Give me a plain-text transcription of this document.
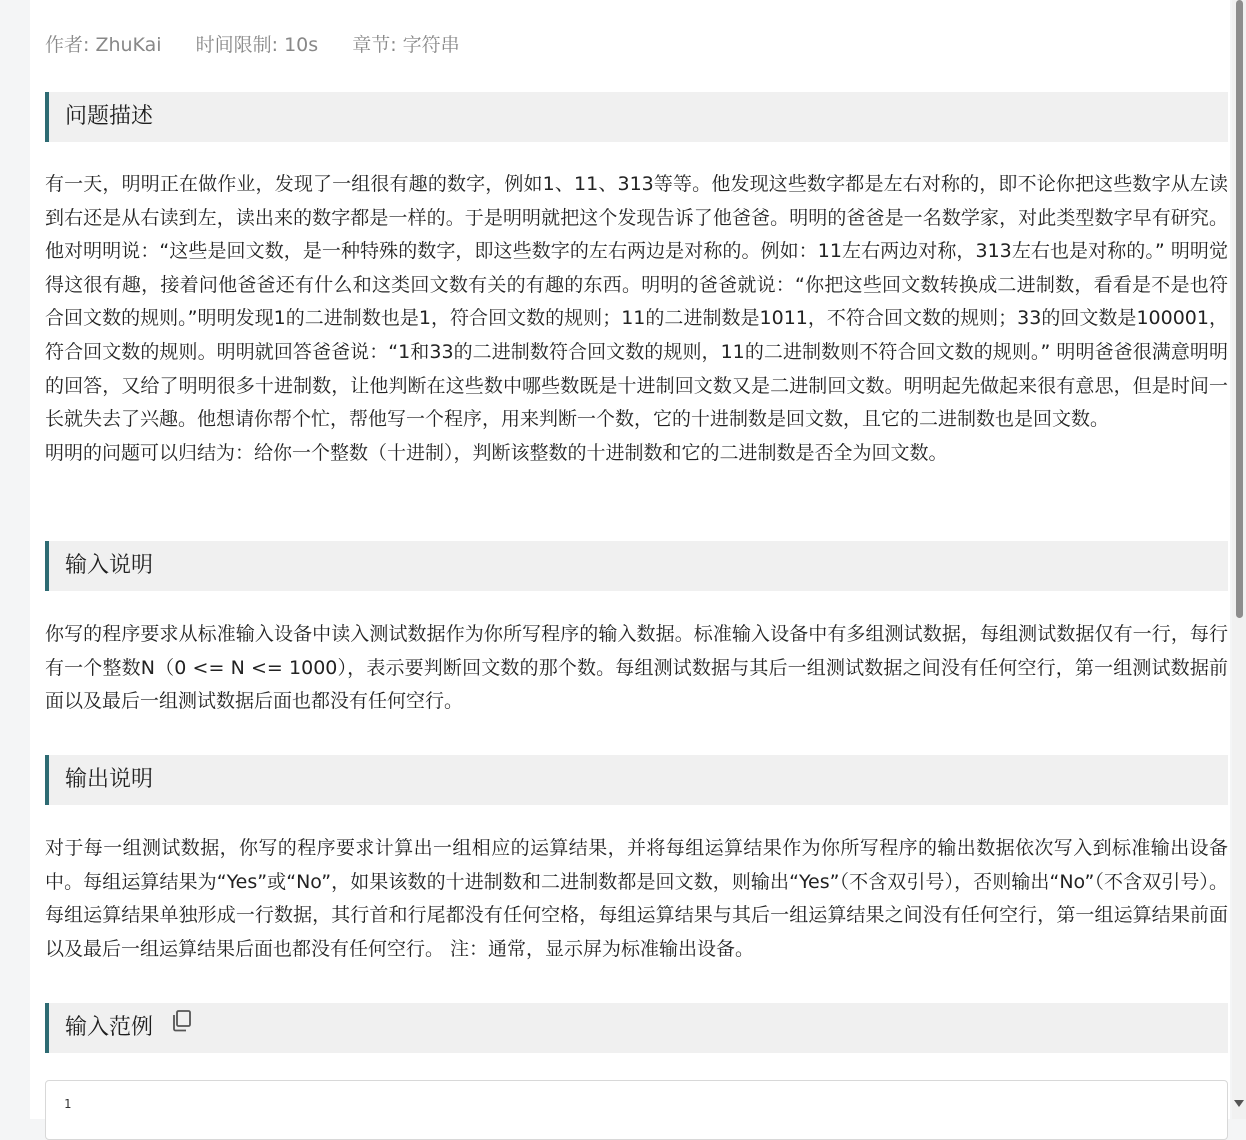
作者: ZhuKai 时间限制: 10s 章节: 字符串
问题描述

有一天，明明正在做作业，发现了一组很有趣的数字，例如1、11、313等等。他发现这些数字都是左右对称的，即不论你把这些数字从左读到右还是从右读到左，读出来的数字都是一样的。于是明明就把这个发现告诉了他爸爸。明明的爸爸是一名数学家，对此类型数字早有研究。他对明明说：“这些是回文数，是一种特殊的数字，即这些数字的左右两边是对称的。例如：11左右两边对称，313左右也是对称的。” 明明觉得这很有趣，接着问他爸爸还有什么和这类回文数有关的有趣的东西。明明的爸爸就说：“你把这些回文数转换成二进制数，看看是不是也符合回文数的规则。”明明发现1的二进制数也是1，符合回文数的规则；11的二进制数是1011，不符合回文数的规则；33的回文数是100001，符合回文数的规则。明明就回答爸爸说：“1和33的二进制数符合回文数的规则，11的二进制数则不符合回文数的规则。” 明明爸爸很满意明明的回答，又给了明明很多十进制数，让他判断在这些数中哪些数既是十进制回文数又是二进制回文数。明明起先做起来很有意思，但是时间一长就失去了兴趣。他想请你帮个忙，帮他写一个程序，用来判断一个数，它的十进制数是回文数，且它的二进制数也是回文数。

明明的问题可以归结为：给你一个整数（十进制），判断该整数的十进制数和它的二进制数是否全为回文数。

输入说明

你写的程序要求从标准输入设备中读入测试数据作为你所写程序的输入数据。标准输入设备中有多组测试数据，每组测试数据仅有一行，每行有一个整数N（0 <= N <= 1000），表示要判断回文数的那个数。每组测试数据与其后一组测试数据之间没有任何空行，第一组测试数据前面以及最后一组测试数据后面也都没有任何空行。

输出说明

对于每一组测试数据，你写的程序要求计算出一组相应的运算结果，并将每组运算结果作为你所写程序的输出数据依次写入到标准输出设备中。每组运算结果为“Yes”或“No”，如果该数的十进制数和二进制数都是回文数，则输出“Yes”（不含双引号），否则输出“No”（不含双引号）。每组运算结果单独形成一行数据，其行首和行尾都没有任何空格，每组运算结果与其后一组运算结果之间没有任何空行，第一组运算结果前面以及最后一组运算结果后面也都没有任何空行。 注：通常，显示屏为标准输出设备。

输入范例
1
